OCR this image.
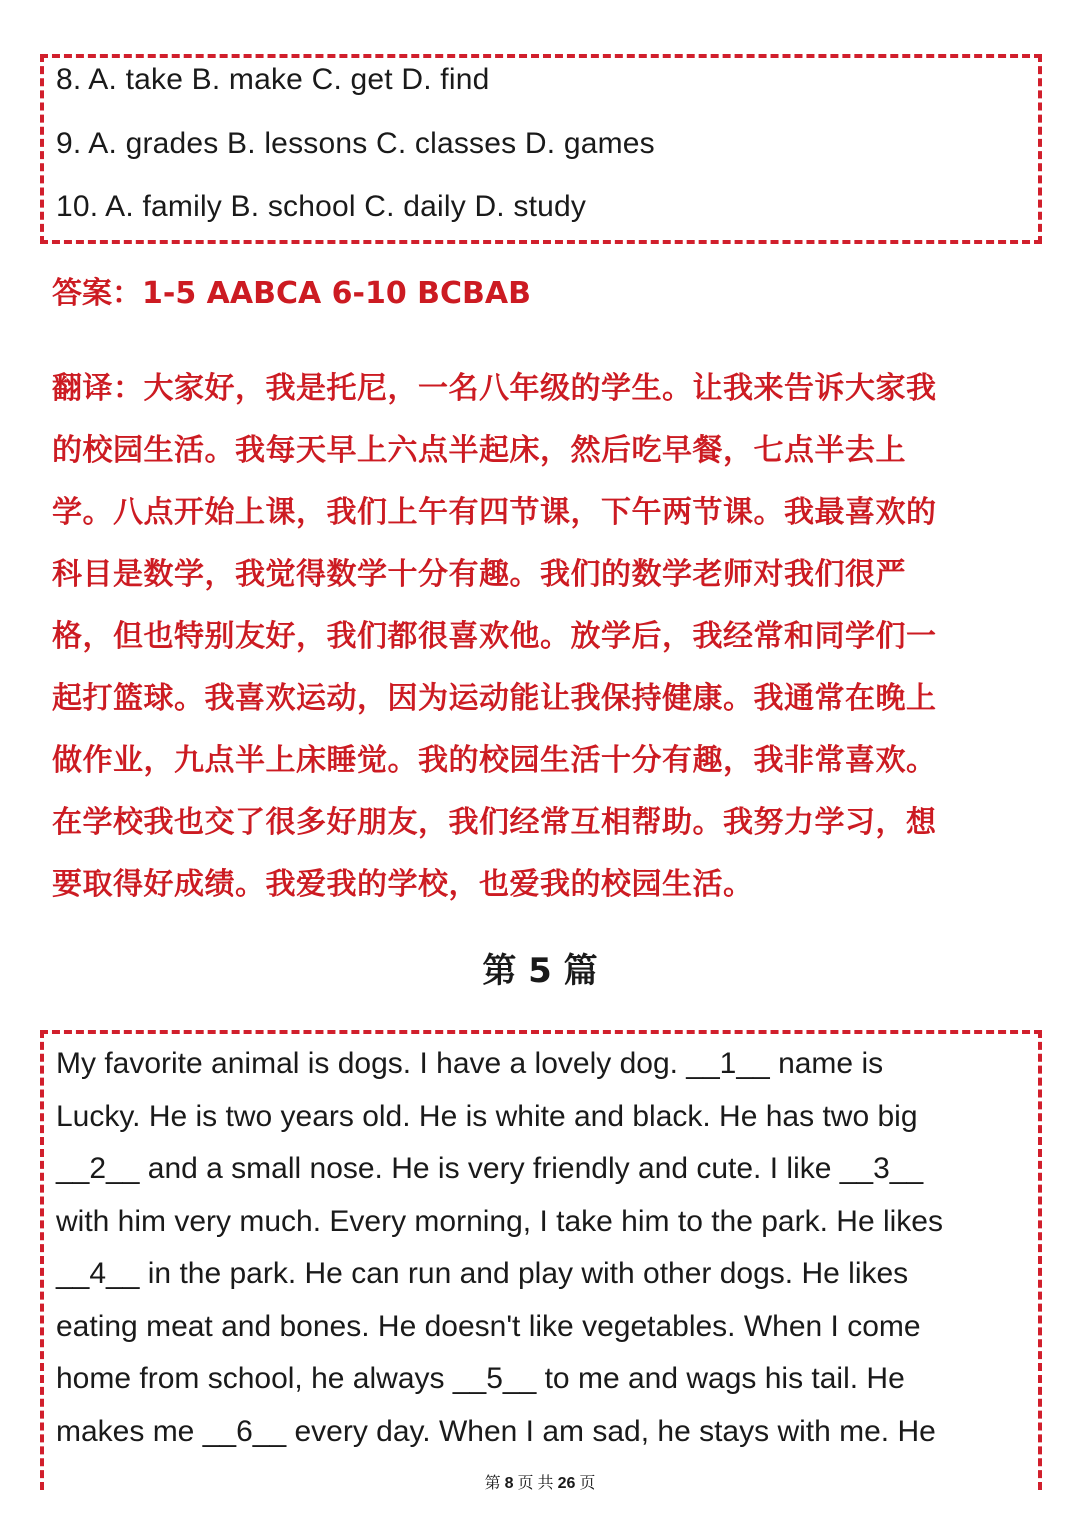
8. A. take B. make C. get D. find
9. A. grades B. lessons C. classes D. games
10. A. family B. school C. daily D. study
答案：1-5 AABCA 6-10 BCBAB
翻译：大家好，我是托尼，一名八年级的学生。让我来告诉大家我
的校园生活。我每天早上六点半起床，然后吃早餐，七点半去上
学。八点开始上课，我们上午有四节课，下午两节课。我最喜欢的
科目是数学，我觉得数学十分有趣。我们的数学老师对我们很严
格，但也特别友好，我们都很喜欢他。放学后，我经常和同学们一
起打篮球。我喜欢运动，因为运动能让我保持健康。我通常在晚上
做作业，九点半上床睡觉。我的校园生活十分有趣，我非常喜欢。
在学校我也交了很多好朋友，我们经常互相帮助。我努力学习，想
要取得好成绩。我爱我的学校，也爱我的校园生活。
第 5 篇
My favorite animal is dogs. I have a lovely dog. __1__ name is
Lucky. He is two years old. He is white and black. He has two big
__2__ and a small nose. He is very friendly and cute. I like __3__
with him very much. Every morning, I take him to the park. He likes
__4__ in the park. He can run and play with other dogs. He likes
eating meat and bones. He doesn't like vegetables. When I come
home from school, he always __5__ to me and wags his tail. He
makes me __6__ every day. When I am sad, he stays with me. He
第 8 页 共 26 页
